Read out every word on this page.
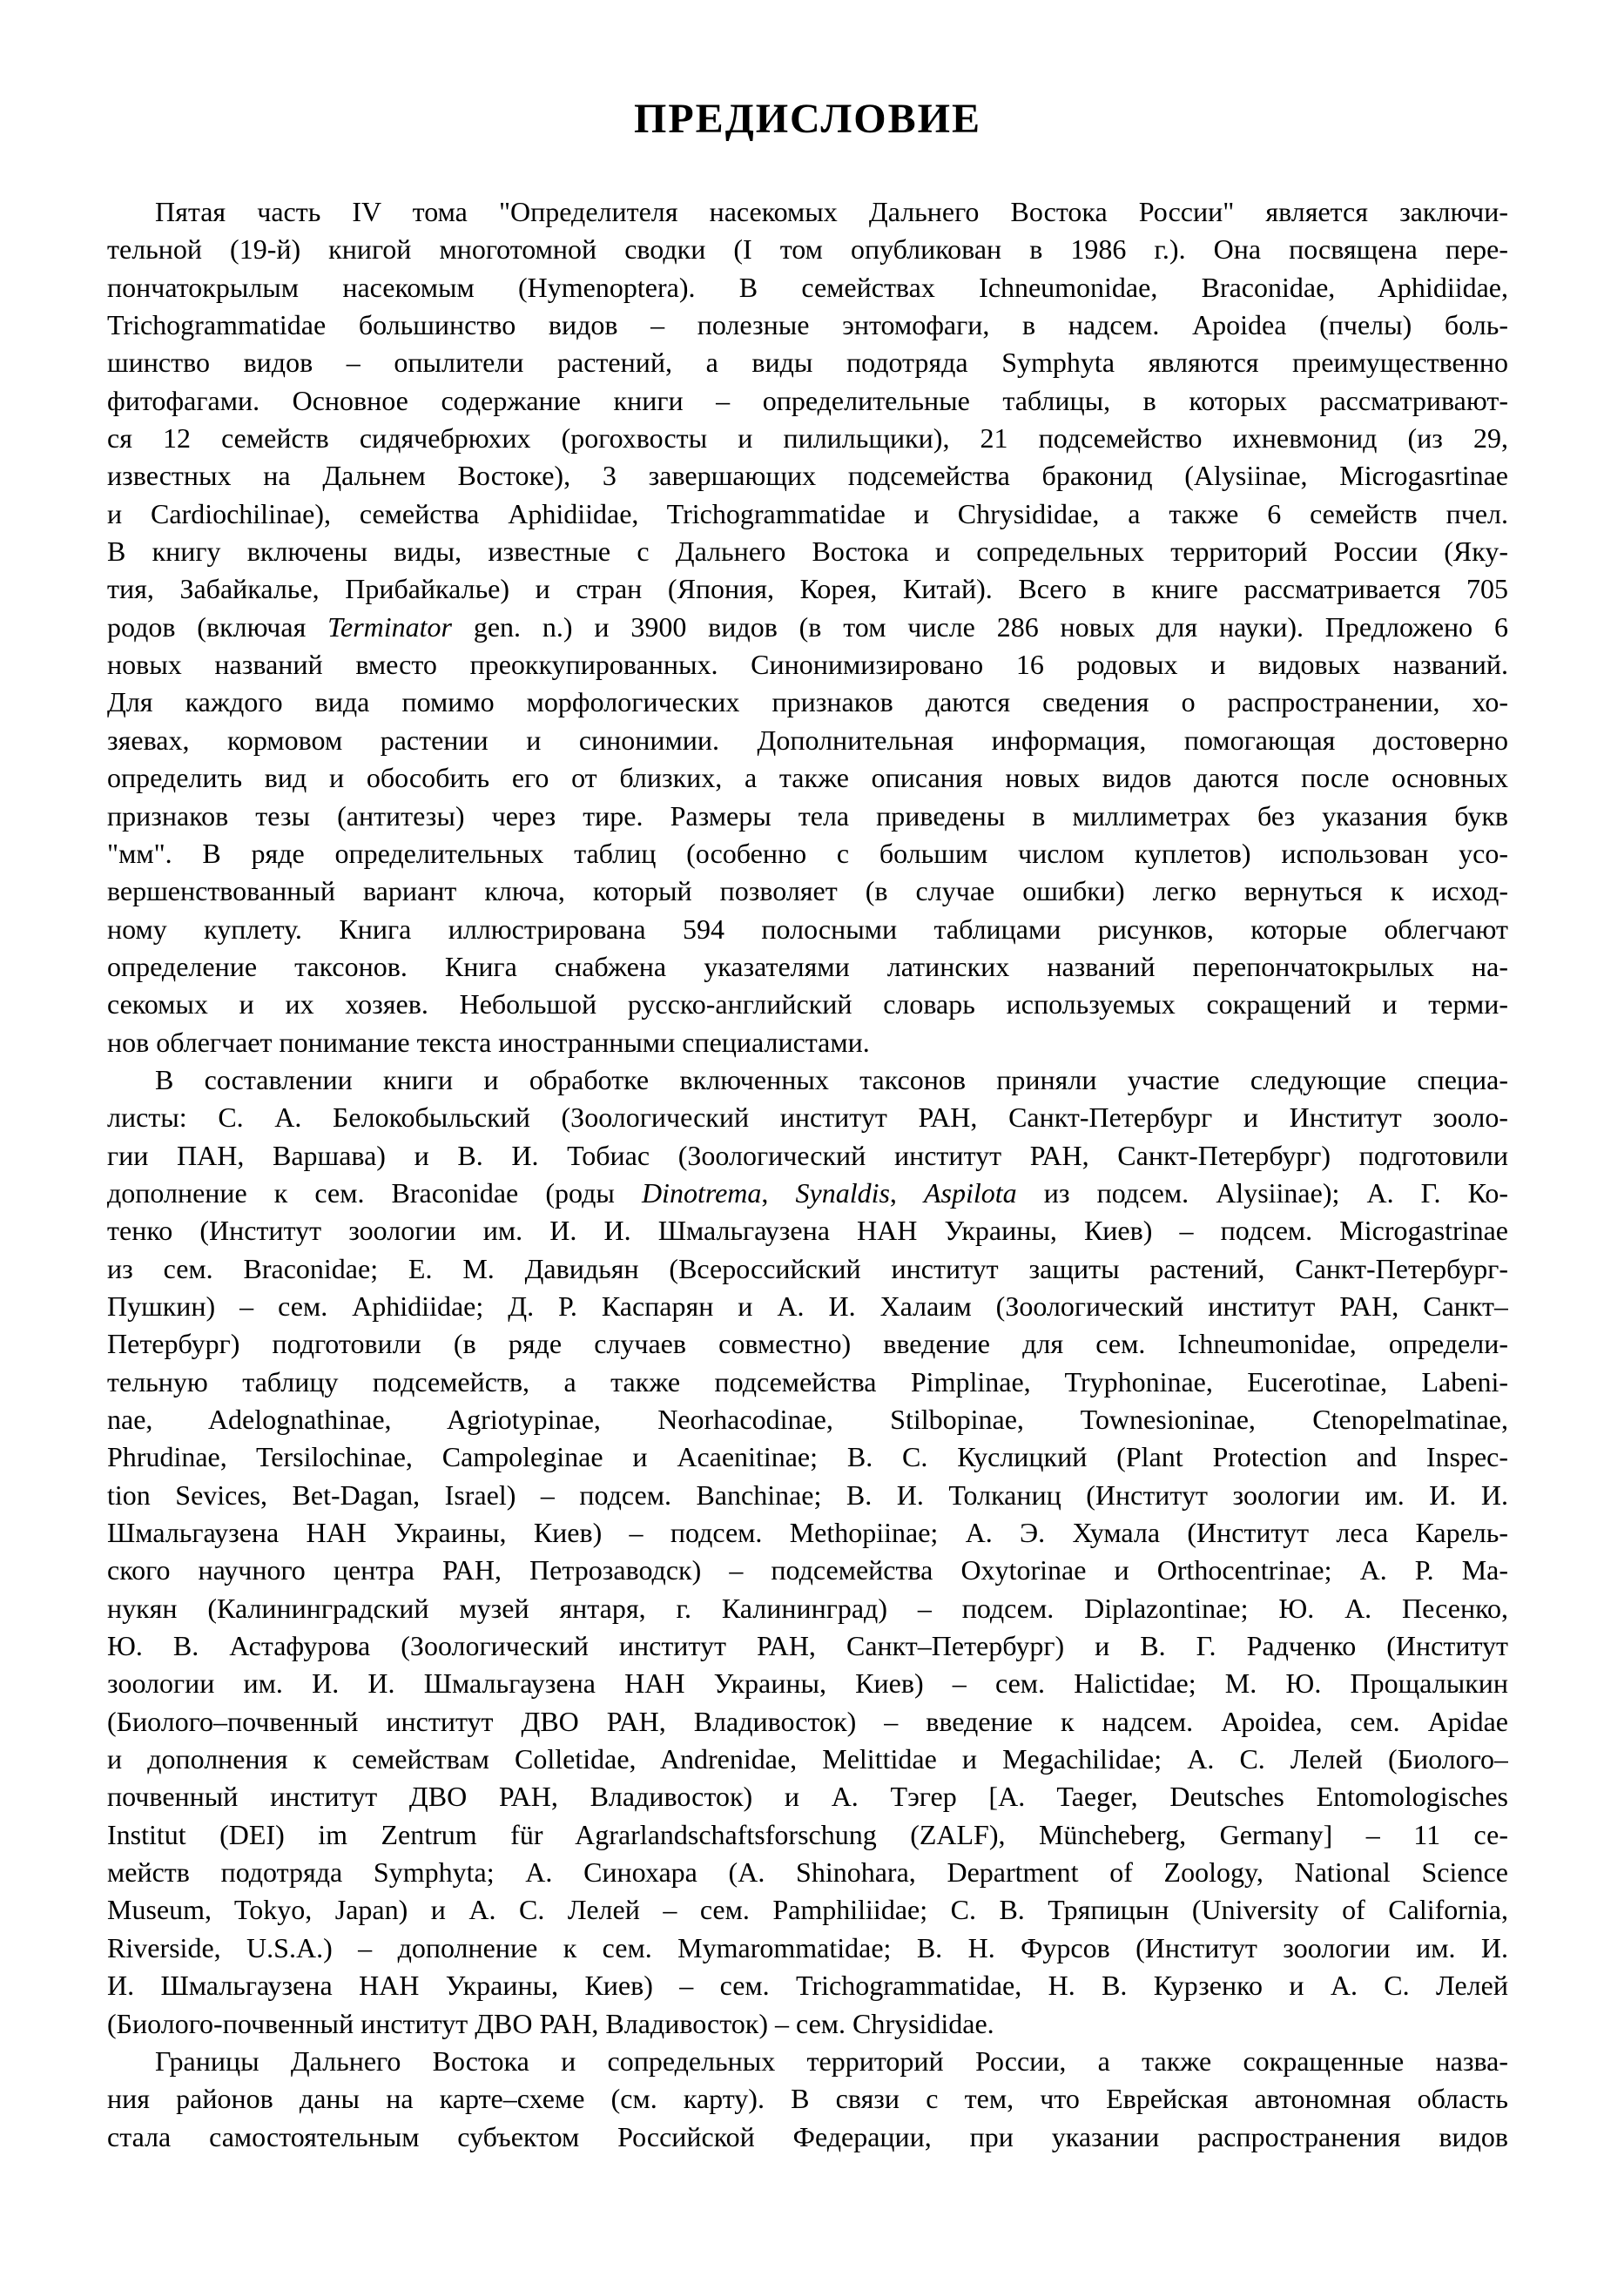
ПРЕДИСЛОВИЕ
Пятая часть IV тома "Определителя насекомых Дальнего Востока России" является заключи-
тельной (19-й) книгой многотомной сводки (I том опубликован в 1986 г.). Она посвящена пере-
пончатокрылым насекомым (Hymenoptera). В семействах Ichneumonidae, Braconidae, Aphidiidae,
Trichogrammatidae большинство видов – полезные энтомофаги, в надсем. Apoidea (пчелы) боль-
шинство видов – опылители растений, а виды подотряда Symphyta являются преимущественно
фитофагами. Основное содержание книги – определительные таблицы, в которых рассматривают-
ся 12 семейств сидячебрюхих (рогохвосты и пилильщики), 21 подсемейство ихневмонид (из 29,
известных на Дальнем Востоке), 3 завершающих подсемейства браконид (Alysiinae, Microgasrtinae
и Cardiochilinae), семейства Aphidiidae, Trichogrammatidae и Chrysididae, а также 6 семейств пчел.
В книгу включены виды, известные с Дальнего Востока и сопредельных территорий России (Яку-
тия, Забайкалье, Прибайкалье) и стран (Япония, Корея, Китай). Всего в книге рассматривается 705
родов (включая Terminator gen. n.) и 3900 видов (в том числе 286 новых для науки). Предложено 6
новых названий вместо преоккупированных. Синонимизировано 16 родовых и видовых названий.
Для каждого вида помимо морфологических признаков даются сведения о распространении, хо-
зяевах, кормовом растении и синонимии. Дополнительная информация, помогающая достоверно
определить вид и обособить его от близких, а также описания новых видов даются после основных
признаков тезы (антитезы) через тире. Размеры тела приведены в миллиметрах без указания букв
"мм". В ряде определительных таблиц (особенно с большим числом куплетов) использован усо-
вершенствованный вариант ключа, который позволяет (в случае ошибки) легко вернуться к исход-
ному куплету. Книга иллюстрирована 594 полосными таблицами рисунков, которые облегчают
определение таксонов. Книга снабжена указателями латинских названий перепончатокрылых на-
секомых и их хозяев. Небольшой русско-английский словарь используемых сокращений и терми-
нов облегчает понимание текста иностранными специалистами.
В составлении книги и обработке включенных таксонов приняли участие следующие специа-
листы: С. А. Белокобыльский (Зоологический институт РАН, Санкт-Петербург и Институт зооло-
гии ПАН, Варшава) и В. И. Тобиас (Зоологический институт РАН, Санкт-Петербург) подготовили
дополнение к сем. Braconidae (роды Dinotrema, Synaldis, Aspilota из подсем. Alysiinae); А. Г. Ко-
тенко (Институт зоологии им. И. И. Шмальгаузена НАН Украины, Киев) – подсем. Microgastrinae
из сем. Braconidae; Е. М. Давидьян (Всероссийский институт защиты растений, Санкт-Петербург-
Пушкин) – сем. Aphidiidae; Д. Р. Каспарян и А. И. Халаим (Зоологический институт РАН, Санкт–
Петербург) подготовили (в ряде случаев совместно) введение для сем. Ichneumonidae, определи-
тельную таблицу подсемейств, а также подсемейства Pimplinae, Tryphoninae, Eucerotinae, Labeni-
nae, Adelognathinae, Agriotypinae, Neorhacodinae, Stilbopinae, Townesioninae, Ctenopelmatinae,
Phrudinae, Tersilochinae, Campoleginae и Acaenitinae; В. С. Куслицкий (Plant Protection and Inspec-
tion Sevices, Bet-Dagan, Israel) – подсем. Banchinae; В. И. Толканиц (Институт зоологии им. И. И.
Шмальгаузена НАН Украины, Киев) – подсем. Methopiinae; А. Э. Хумала (Институт леса Карель-
ского научного центра РАН, Петрозаводск) – подсемейства Oxytorinae и Orthocentrinae; А. Р. Ма-
нукян (Калининградский музей янтаря, г. Калининград) – подсем. Diplazontinae; Ю. А. Песенко,
Ю. В. Астафурова (Зоологический институт РАН, Санкт–Петербург) и В. Г. Радченко (Институт
зоологии им. И. И. Шмальгаузена НАН Украины, Киев) – сем. Halictidae; М. Ю. Прощалыкин
(Биолого–почвенный институт ДВО РАН, Владивосток) – введение к надсем. Apoidea, сем. Apidae
и дополнения к семействам Colletidae, Andrenidae, Melittidae и Megachilidae; А. С. Лелей (Биолого–
почвенный институт ДВО РАН, Владивосток) и А. Тэгер [A. Taeger, Deutsches Entomologisches
Institut (DEI) im Zentrum für Agrarlandschaftsforschung (ZALF), Müncheberg, Germany] – 11 се-
мейств подотряда Symphyta; А. Синохара (A. Shinohara, Department of Zoology, National Science
Museum, Tokyo, Japan) и А. С. Лелей – сем. Pamphiliidae; С. В. Тряпицын (University of California,
Riverside, U.S.A.) – дополнение к сем. Mymarommatidae; В. Н. Фурсов (Институт зоологии им. И.
И. Шмальгаузена НАН Украины, Киев) – сем. Trichogrammatidae, Н. В. Курзенко и А. С. Лелей
(Биолого-почвенный институт ДВО РАН, Владивосток) – сем. Chrysididae.
Границы Дальнего Востока и сопредельных территорий России, а также сокращенные назва-
ния районов даны на карте–схеме (см. карту). В связи с тем, что Еврейская автономная область
стала самостоятельным субъектом Российской Федерации, при указании распространения видов
